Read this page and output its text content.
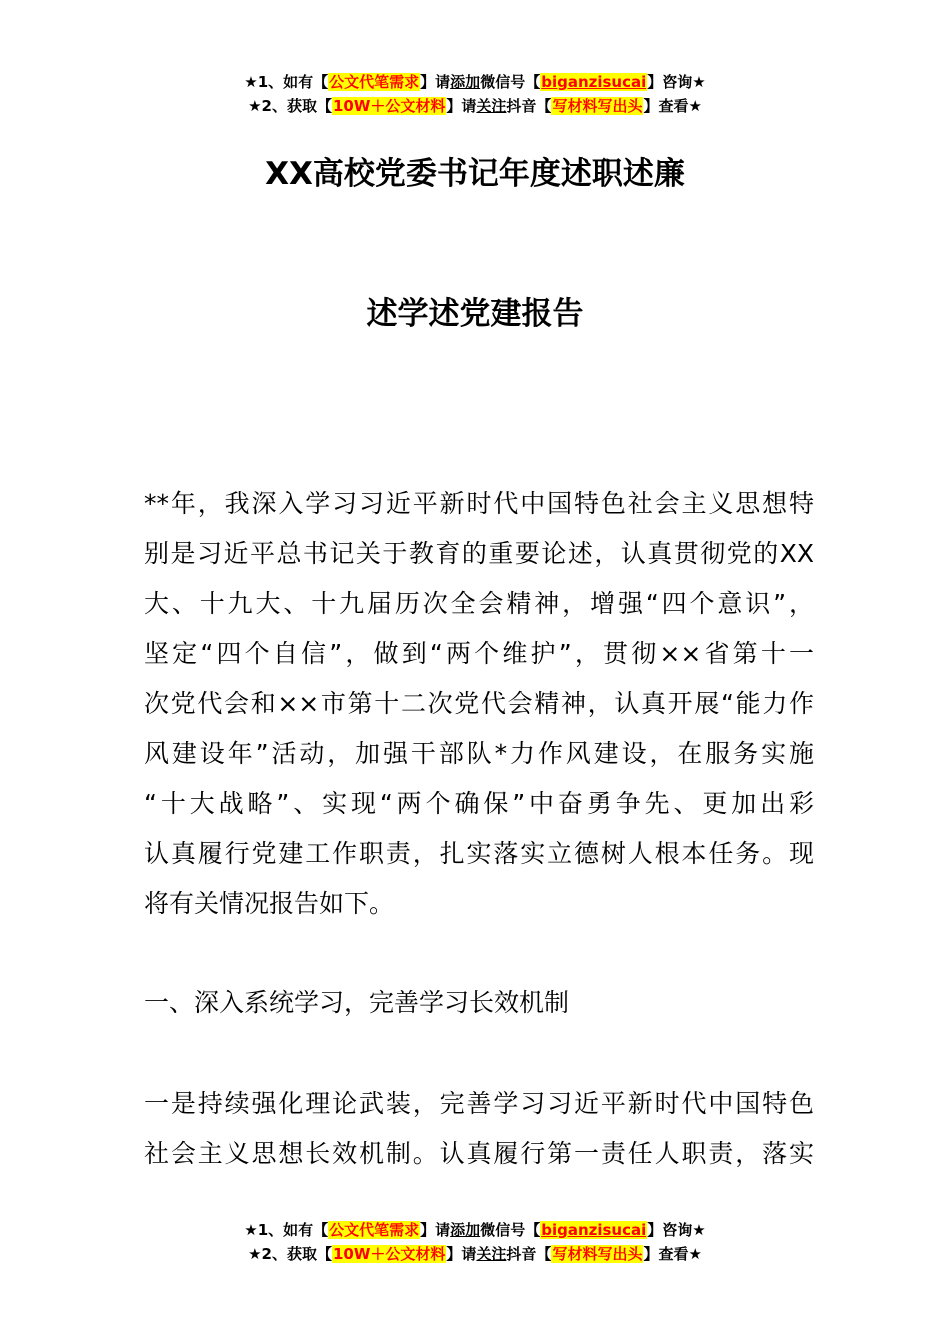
★1、如有【公文代笔需求】请添加微信号【biganzisucai】咨询★
★2、获取【10W＋公文材料】请关注抖音【写材料写出头】查看★
XX高校党委书记年度述职述廉
述学述党建报告
**年，我深入学习习近平新时代中国特色社会主义思想特
别是习近平总书记关于教育的重要论述，认真贯彻党的XX
大、十九大、十九届历次全会精神，增强“四个意识”，
坚定“四个自信”，做到“两个维护”，贯彻××省第十一
次党代会和××市第十二次党代会精神，认真开展“能力作
风建设年”活动，加强干部队*力作风建设，在服务实施
“十大战略”、实现“两个确保”中奋勇争先、更加出彩
认真履行党建工作职责，扎实落实立德树人根本任务。现
将有关情况报告如下。
一、深入系统学习，完善学习长效机制
一是持续强化理论武装，完善学习习近平新时代中国特色
社会主义思想长效机制。认真履行第一责任人职责，落实
★1、如有【公文代笔需求】请添加微信号【biganzisucai】咨询★
★2、获取【10W＋公文材料】请关注抖音【写材料写出头】查看★
